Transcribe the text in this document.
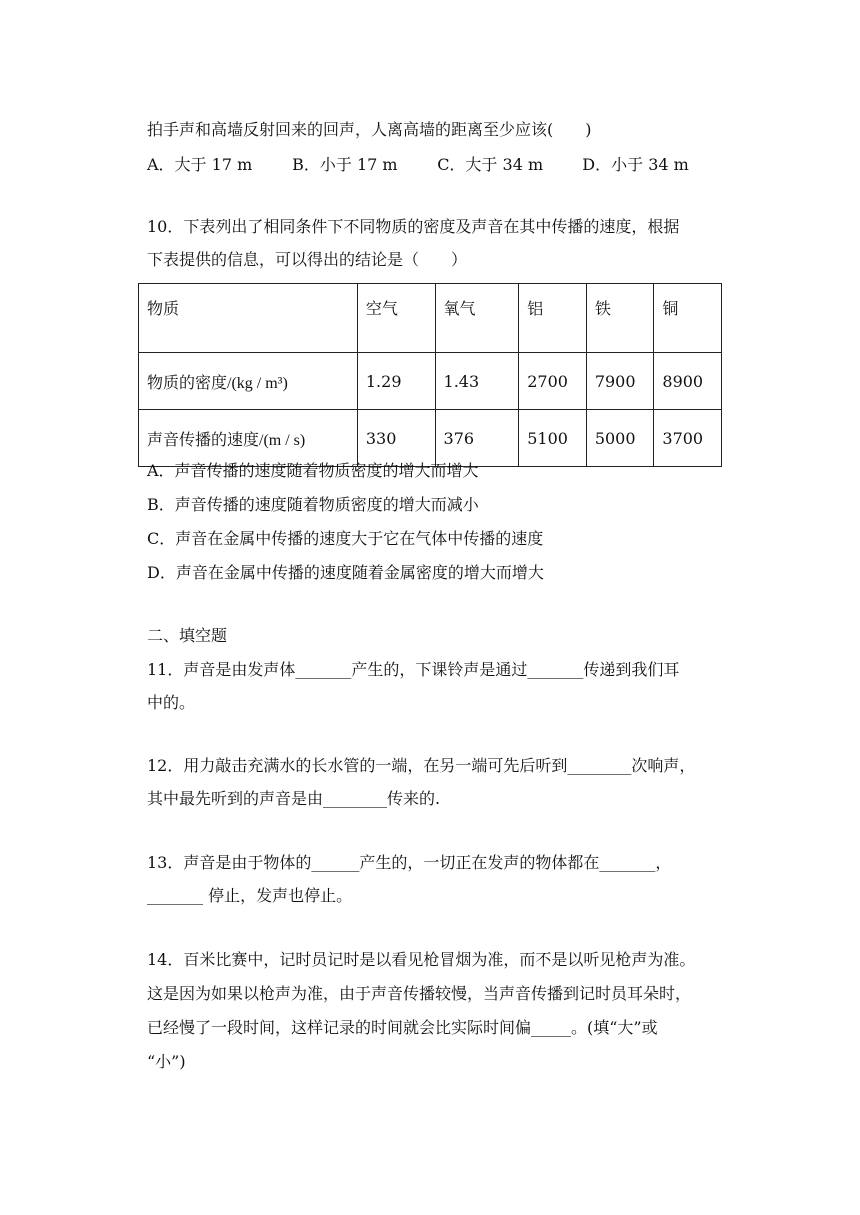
拍手声和高墙反射回来的回声，人离高墙的距离至少应该(　　)
A．大于 17 m B．小于 17 m C．大于 34 m D．小于 34 m
10．下表列出了相同条件下不同物质的密度及声音在其中传播的速度，根据
下表提供的信息，可以得出的结论是（　　）
物质	空气	氧气	铝	铁	铜
物质的密度/(kg / m³)	1.29	1.43	2700	7900	8900
声音传播的速度/(m / s)	330	376	5100	5000	3700
A．声音传播的速度随着物质密度的增大而增大
B．声音传播的速度随着物质密度的增大而减小
C．声音在金属中传播的速度大于它在气体中传播的速度
D．声音在金属中传播的速度随着金属密度的增大而增大
二、填空题
11．声音是由发声体_______产生的，下课铃声是通过_______传递到我们耳
中的。
12．用力敲击充满水的长水管的一端，在另一端可先后听到________次响声，
其中最先听到的声音是由________传来的.
13．声音是由于物体的______产生的，一切正在发声的物体都在_______，
_______ 停止，发声也停止。
14．百米比赛中，记时员记时是以看见枪冒烟为准，而不是以听见枪声为准。
这是因为如果以枪声为准，由于声音传播较慢，当声音传播到记时员耳朵时，
已经慢了一段时间，这样记录的时间就会比实际时间偏_____。(填“大”或
“小”)
